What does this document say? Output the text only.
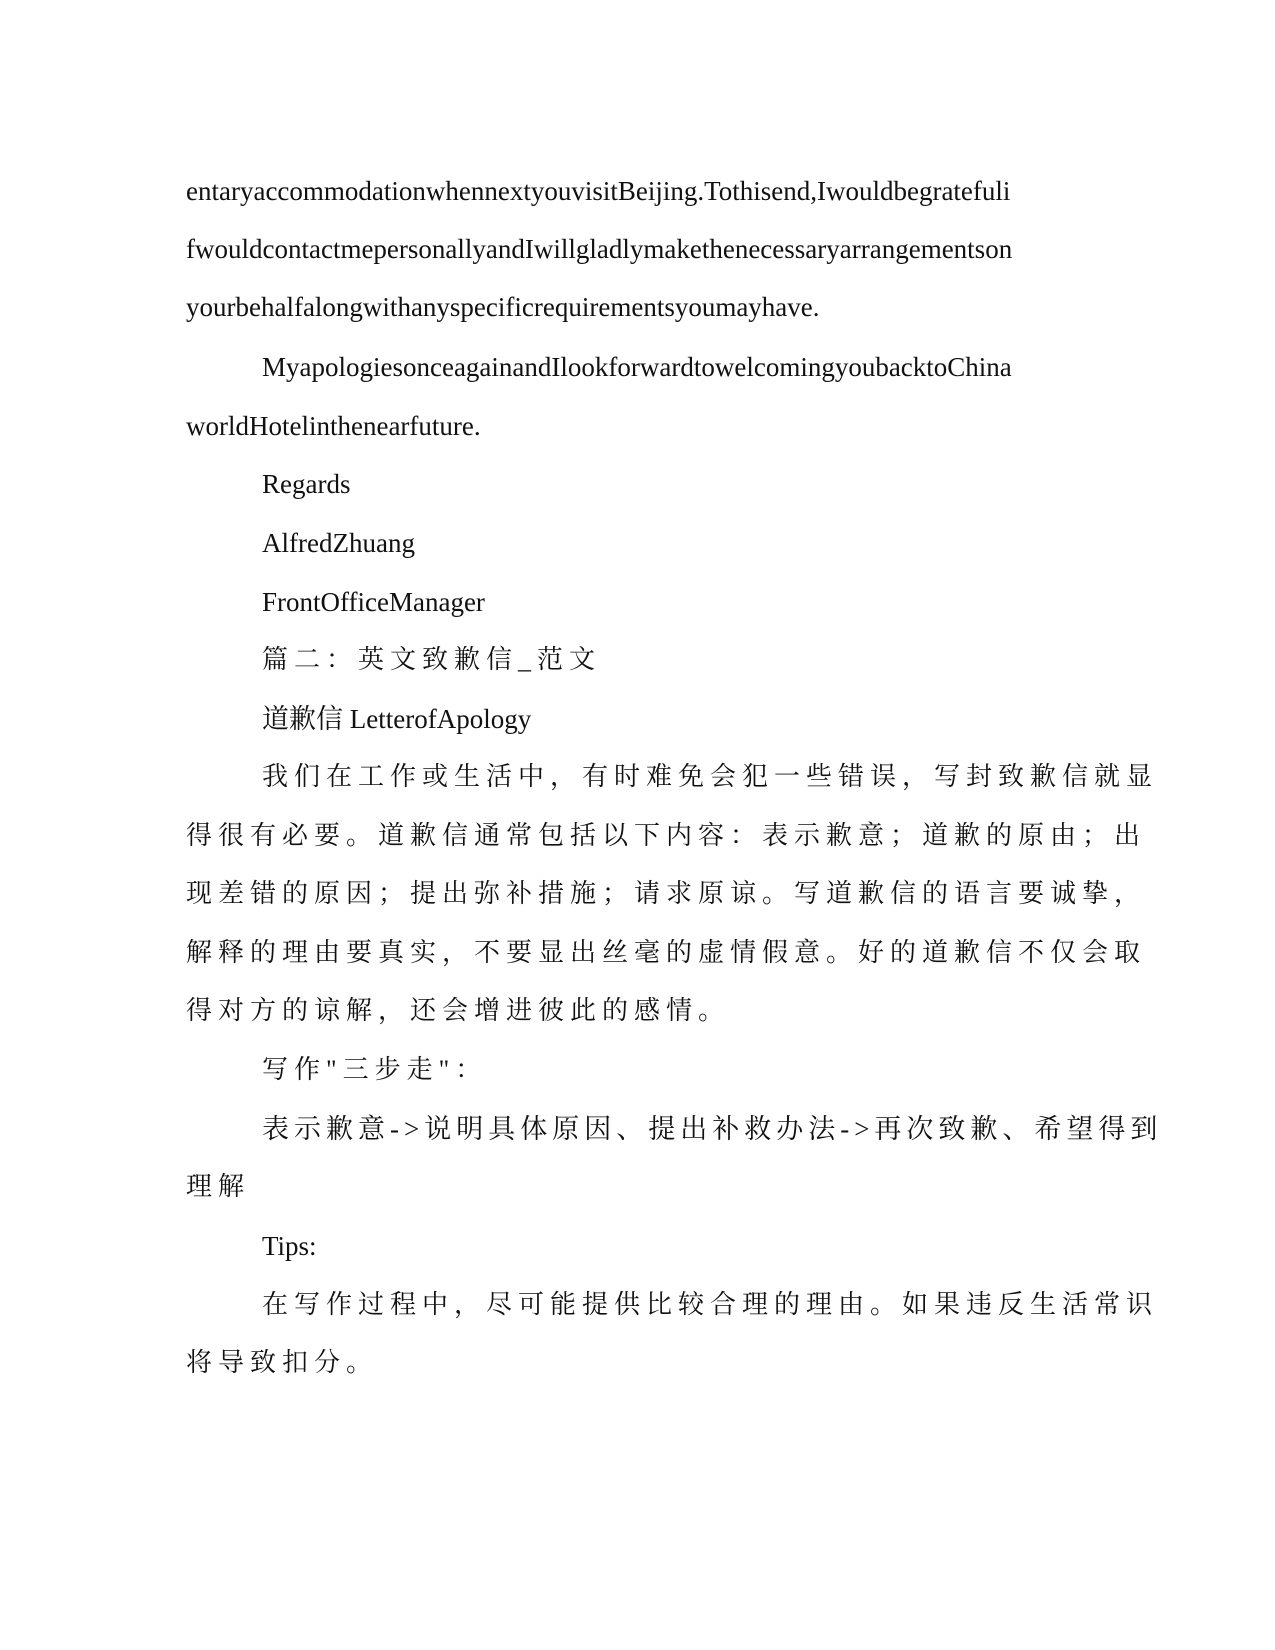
entaryaccommodationwhennextyouvisitBeijing.Tothisend,Iwouldbegratefuli
fwouldcontactmepersonallyandIwillgladlymakethenecessaryarrangementson
yourbehalfalongwithanyspecificrequirementsyoumayhave.
MyapologiesonceagainandIlookforwardtowelcomingyoubacktoChina
worldHotelinthenearfuture.
Regards
AlfredZhuang
FrontOfficeManager
篇二：英文致歉信_范文
道歉信 LetterofApology
我们在工作或生活中，有时难免会犯一些错误，写封致歉信就显
得很有必要。道歉信通常包括以下内容：表示歉意；道歉的原由；出
现差错的原因；提出弥补措施；请求原谅。写道歉信的语言要诚挚，
解释的理由要真实，不要显出丝毫的虚情假意。好的道歉信不仅会取
得对方的谅解，还会增进彼此的感情。
写作"三步走"：
表示歉意->说明具体原因、提出补救办法->再次致歉、希望得到
理解
Tips:
在写作过程中，尽可能提供比较合理的理由。如果违反生活常识
将导致扣分。
